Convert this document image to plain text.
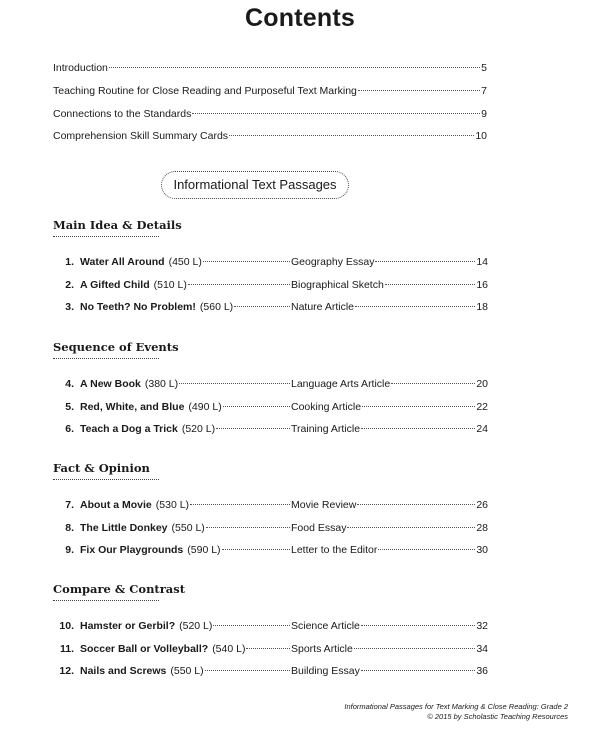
Contents
Introduction	5
Teaching Routine for Close Reading and Purposeful Text Marking	7
Connections to the Standards	9
Comprehension Skill Summary Cards	10
Informational Text Passages
Main Idea & Details
1. Water All Around (450 L)	Geography Essay	14
2. A Gifted Child (510 L)	Biographical Sketch	16
3. No Teeth? No Problem! (560 L)	Nature Article	18
Sequence of Events
4. A New Book (380 L)	Language Arts Article	20
5. Red, White, and Blue (490 L)	Cooking Article	22
6. Teach a Dog a Trick (520 L)	Training Article	24
Fact & Opinion
7. About a Movie (530 L)	Movie Review	26
8. The Little Donkey (550 L)	Food Essay	28
9. Fix Our Playgrounds (590 L)	Letter to the Editor	30
Compare & Contrast
10. Hamster or Gerbil? (520 L)	Science Article	32
11. Soccer Ball or Volleyball? (540 L)	Sports Article	34
12. Nails and Screws (550 L)	Building Essay	36
Informational Passages for Text Marking & Close Reading: Grade 2
© 2015 by Scholastic Teaching Resources
